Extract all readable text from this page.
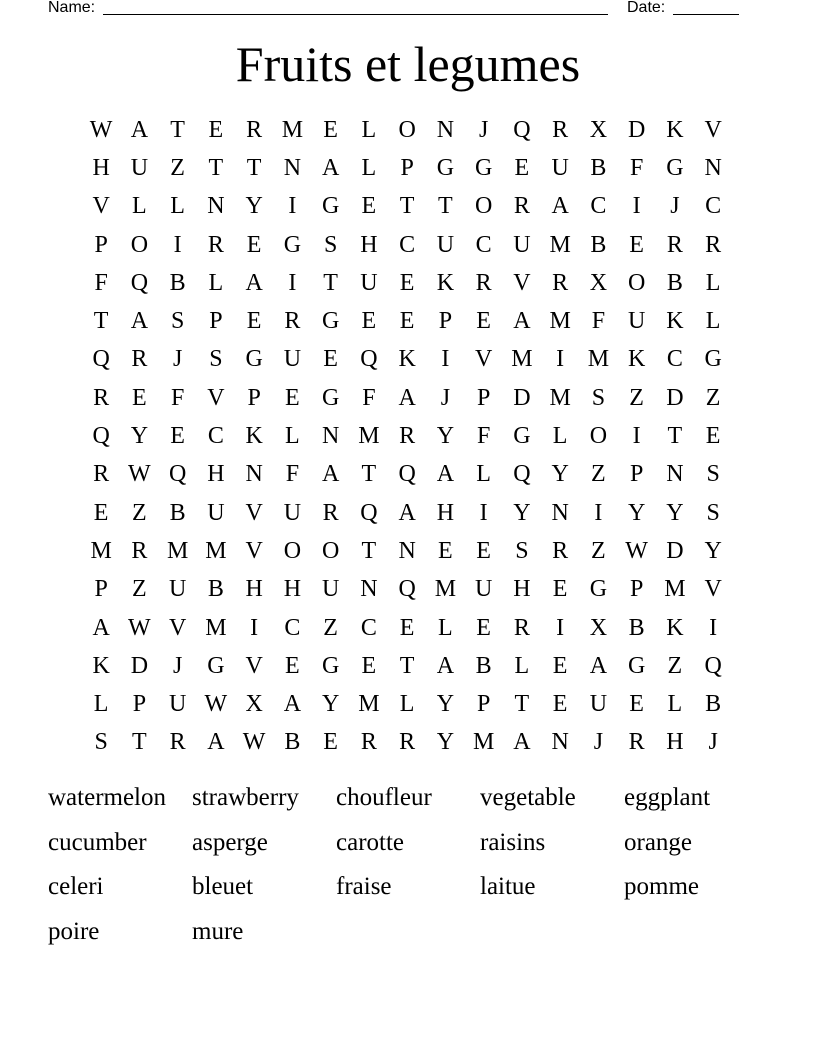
Name:	Date:
Fruits et legumes
W A T E R M E L O N	J	Q R X D K V
H U Z T T N A L	P G G E U B F G N
V L L N Y	I	G E T T O R A C	I	J	C
P O	I	R E G S H C U C U M B E R R
F Q B L A	I	T U E K R V R X O B L
T A S	P	E R G E E	P	E A M F U K L
Q R	J	S G U E Q K	I	V M I M K C G
R E	F V P	E G F A	J	P D M S	Z D Z
Q Y E C K L N M R Y F G L O	I	T E
R W Q H N F A T Q A L Q Y Z	P N S
E Z B U V U R Q A H	I	Y N	I	Y Y S
M R M M V O O T N E E	S R Z W D Y
P	Z U B H H U N Q M U H E G P M V
A W V M I	C Z C E L E R	I	X B K	I
K D	J	G V E G E T A B L E A G Z Q
L	P U W X A Y M L Y P	T E U E L B
S	T R A W B E R R Y M A N	J	R H	J
watermelon	strawberry	choufleur	vegetable	eggplant
cucumber	asperge	carotte	raisins	orange
celeri	bleuet	fraise	laitue	pomme
poire	mure
